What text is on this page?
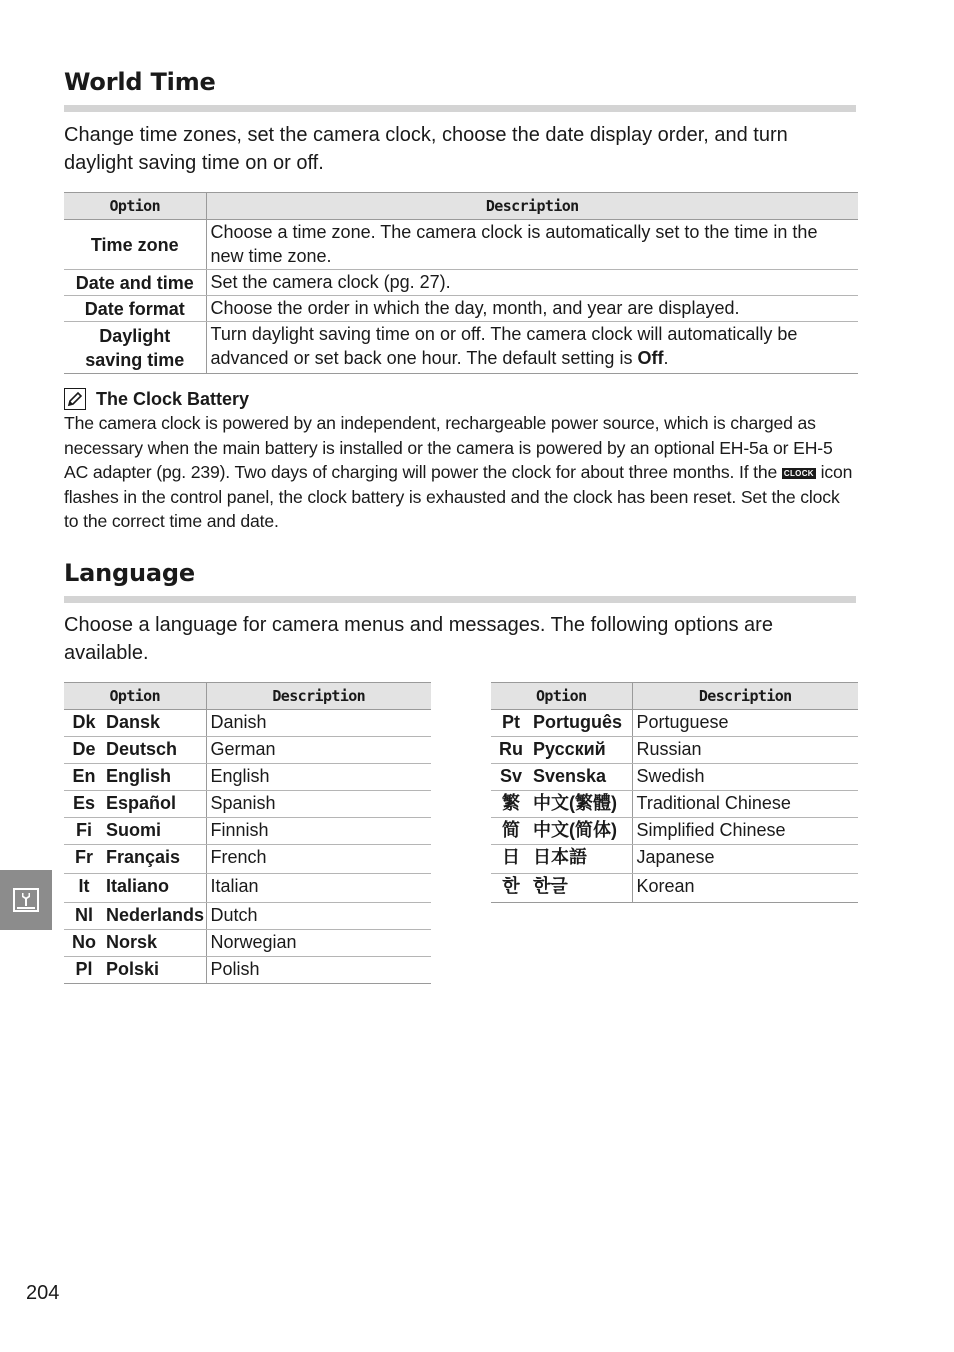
World Time

Change time zones, set the camera clock, choose the date display order, and turn daylight saving time on or off.

Option	Description
Time zone	Choose a time zone. The camera clock is automatically set to the time in the new time zone.
Date and time	Set the camera clock (pg. 27).
Date format	Choose the order in which the day, month, and year are displayed.
Daylight saving time	Turn daylight saving time on or off. The camera clock will automatically be advanced or set back one hour. The default setting is Off.
The Clock Battery

The camera clock is powered by an independent, rechargeable power source, which is charged as necessary when the main battery is installed or the camera is powered by an optional EH-5a or EH-5 AC adapter (pg. 239). Two days of charging will power the clock for about three months. If the CLOCK icon flashes in the control panel, the clock battery is exhausted and the clock has been reset. Set the clock to the correct time and date.

Language

Choose a language for camera menus and messages. The following options are available.

Option		Description
Dk	Dansk	Danish
De	Deutsch	German
En	English	English
Es	Español	Spanish
Fi	Suomi	Finnish
Fr	Français	French
It	Italiano	Italian
Nl	Nederlands	Dutch
No	Norsk	Norwegian
Pl	Polski	Polish
Option		Description
Pt	Português	Portuguese
Ru	Русский	Russian
Sv	Svenska	Swedish
繁	中文(繁體)	Traditional Chinese
简	中文(简体)	Simplified Chinese
日	日本語	Japanese
한	한글	Korean
204
